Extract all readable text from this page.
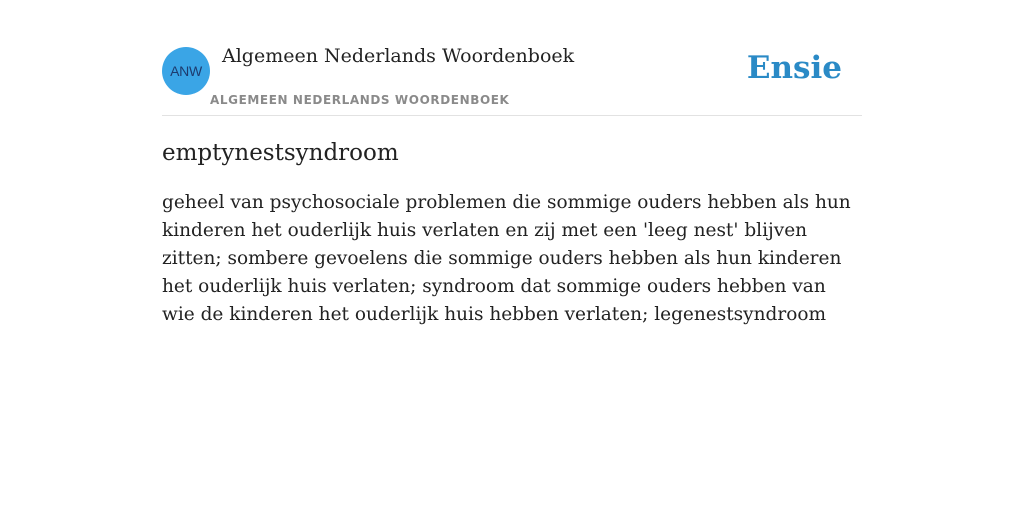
ANW
Algemeen Nederlands Woordenboek
ALGEMEEN NEDERLANDS WOORDENBOEK
Ensie
emptynestsyndroom

geheel van psychosociale problemen die sommige ouders hebben als hun kinderen het ouderlijk huis verlaten en zij met een 'leeg nest' blijven zitten; sombere gevoelens die sommige ouders hebben als hun kinderen het ouderlijk huis verlaten; syndroom dat sommige ouders hebben van wie de kinderen het ouderlijk huis hebben verlaten; legenestsyndroom
